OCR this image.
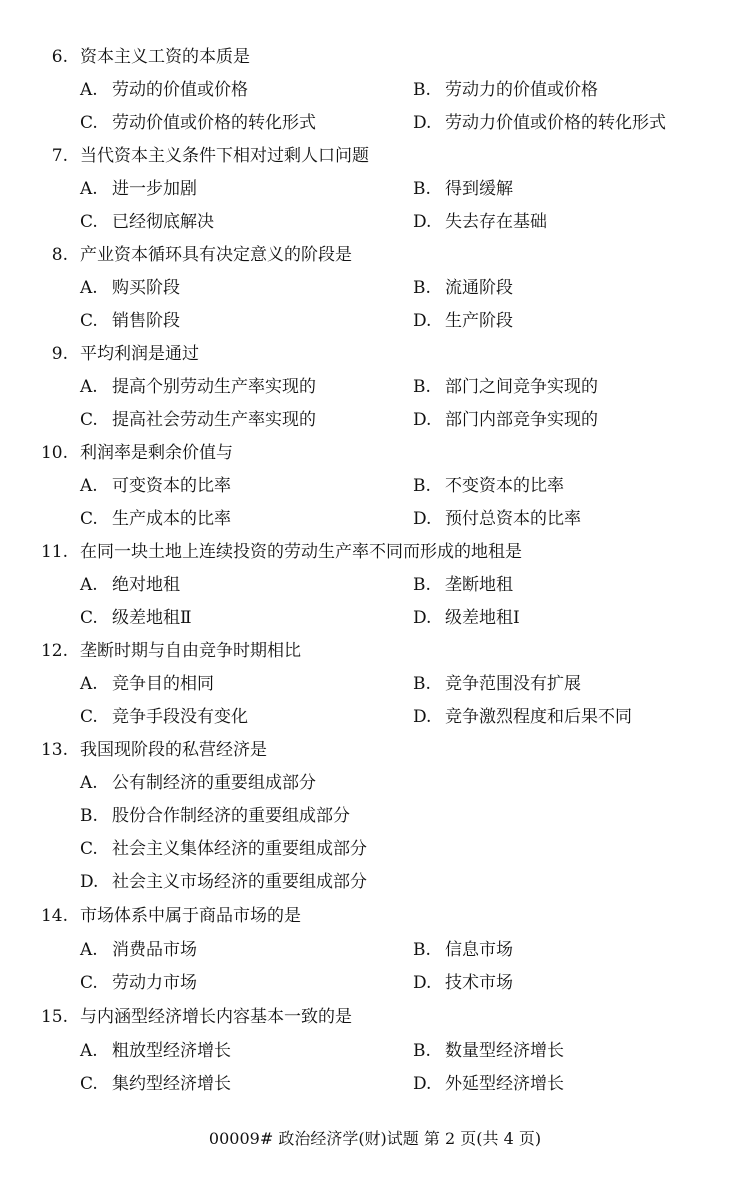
6. 资本主义工资的本质是
A. 劳动的价值或价格	B. 劳动力的价值或价格
C. 劳动价值或价格的转化形式	D. 劳动力价值或价格的转化形式
7. 当代资本主义条件下相对过剩人口问题
A. 进一步加剧	B. 得到缓解
C. 已经彻底解决	D. 失去存在基础
8. 产业资本循环具有决定意义的阶段是
A. 购买阶段	B. 流通阶段
C. 销售阶段	D. 生产阶段
9. 平均利润是通过
A. 提高个别劳动生产率实现的	B. 部门之间竞争实现的
C. 提高社会劳动生产率实现的	D. 部门内部竞争实现的
10. 利润率是剩余价值与
A. 可变资本的比率	B. 不变资本的比率
C. 生产成本的比率	D. 预付总资本的比率
11. 在同一块土地上连续投资的劳动生产率不同而形成的地租是
A. 绝对地租	B. 垄断地租
C. 级差地租Ⅱ	D. 级差地租Ⅰ
12. 垄断时期与自由竞争时期相比
A. 竞争目的相同	B. 竞争范围没有扩展
C. 竞争手段没有变化	D. 竞争激烈程度和后果不同
13. 我国现阶段的私营经济是
A. 公有制经济的重要组成部分
B. 股份合作制经济的重要组成部分
C. 社会主义集体经济的重要组成部分
D. 社会主义市场经济的重要组成部分
14. 市场体系中属于商品市场的是
A. 消费品市场	B. 信息市场
C. 劳动力市场	D. 技术市场
15. 与内涵型经济增长内容基本一致的是
A. 粗放型经济增长	B. 数量型经济增长
C. 集约型经济增长	D. 外延型经济增长
00009# 政治经济学(财)试题 第 2 页(共 4 页)
